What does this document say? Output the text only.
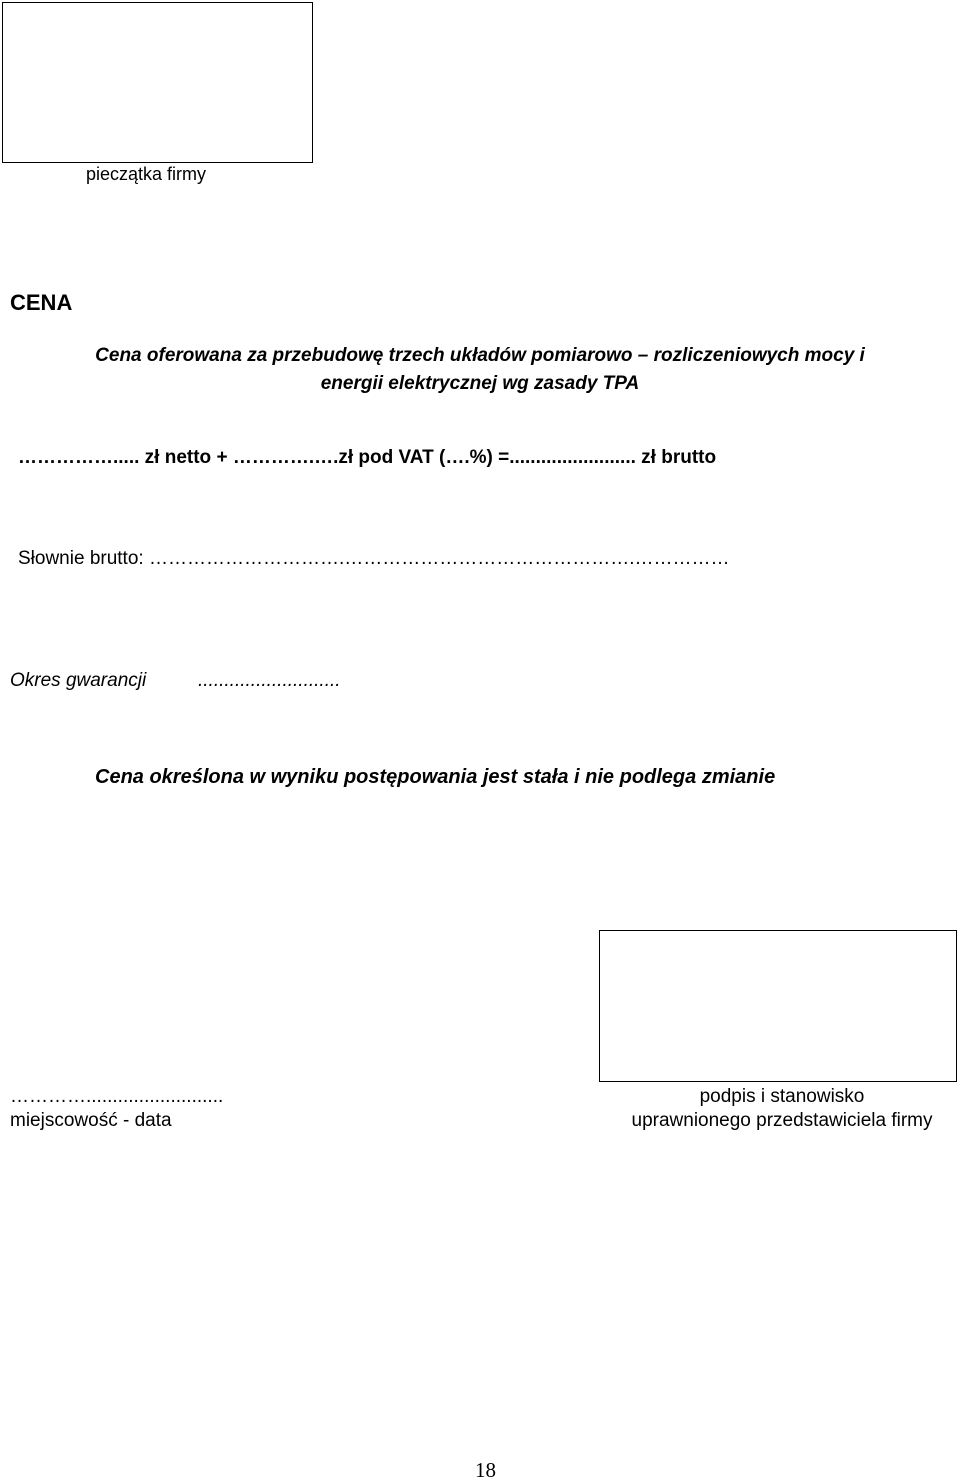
pieczątka firmy
CENA
Cena oferowana za przebudowę trzech układów pomiarowo – rozliczeniowych mocy i
energii elektrycznej wg zasady TPA
……………..... zł netto + ………….….zł pod VAT (….%) =........................ zł brutto
Słownie brutto: ………………………….……………………………………….……………
Okres gwarancji	...........................
Cena określona w wyniku postępowania jest stała i nie podlega zmianie
…………..........................
miejscowość - data
podpis i stanowisko
uprawnionego przedstawiciela firmy
18
